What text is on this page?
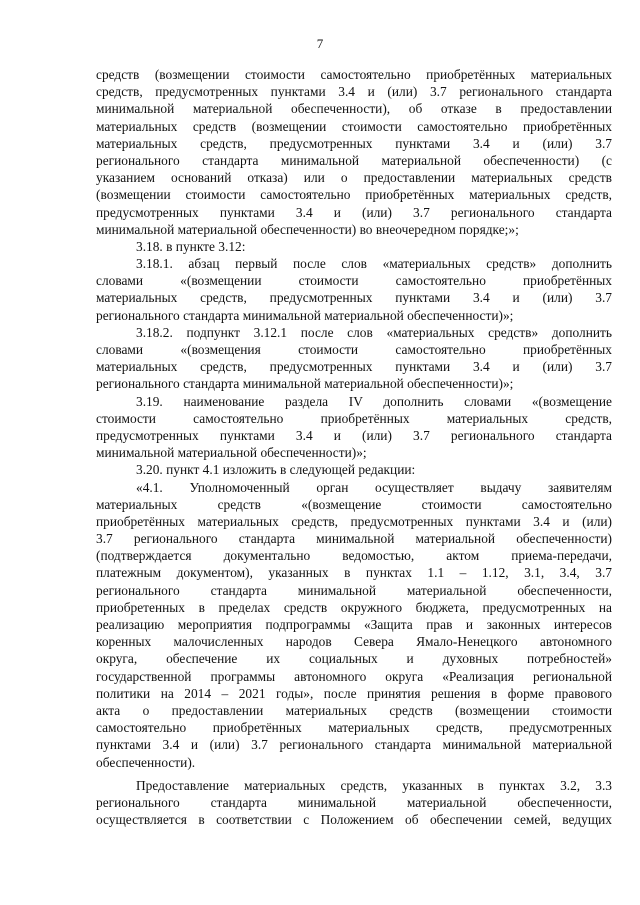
7
средств (возмещении стоимости самостоятельно приобретённых материальных
средств, предусмотренных пунктами 3.4 и (или) 3.7 регионального стандарта
минимальной материальной обеспеченности), об отказе в предоставлении
материальных средств (возмещении стоимости самостоятельно приобретённых
материальных средств, предусмотренных пунктами 3.4 и (или) 3.7
регионального стандарта минимальной материальной обеспеченности) (с
указанием оснований отказа) или о предоставлении материальных средств
(возмещении стоимости самостоятельно приобретённых материальных средств,
предусмотренных пунктами 3.4 и (или) 3.7 регионального стандарта
минимальной материальной обеспеченности) во внеочередном порядке;»;
3.18. в пункте 3.12:
3.18.1. абзац первый после слов «материальных средств» дополнить
словами «(возмещении стоимости самостоятельно приобретённых
материальных средств, предусмотренных пунктами 3.4 и (или) 3.7
регионального стандарта минимальной материальной обеспеченности)»;
3.18.2. подпункт 3.12.1 после слов «материальных средств» дополнить
словами «(возмещения стоимости самостоятельно приобретённых
материальных средств, предусмотренных пунктами 3.4 и (или) 3.7
регионального стандарта минимальной материальной обеспеченности)»;
3.19. наименование раздела IV дополнить словами «(возмещение
стоимости самостоятельно приобретённых материальных средств,
предусмотренных пунктами 3.4 и (или) 3.7 регионального стандарта
минимальной материальной обеспеченности)»;
3.20. пункт 4.1 изложить в следующей редакции:
«4.1. Уполномоченный орган осуществляет выдачу заявителям
материальных средств «(возмещение стоимости самостоятельно
приобретённых материальных средств, предусмотренных пунктами 3.4 и (или)
3.7 регионального стандарта минимальной материальной обеспеченности)
(подтверждается документально ведомостью, актом приема-передачи,
платежным документом), указанных в пунктах 1.1 – 1.12, 3.1, 3.4, 3.7
регионального стандарта минимальной материальной обеспеченности,
приобретенных в пределах средств окружного бюджета, предусмотренных на
реализацию мероприятия подпрограммы «Защита прав и законных интересов
коренных малочисленных народов Севера Ямало-Ненецкого автономного
округа, обеспечение их социальных и духовных потребностей»
государственной программы автономного округа «Реализация региональной
политики на 2014 – 2021 годы», после принятия решения в форме правового
акта о предоставлении материальных средств (возмещении стоимости
самостоятельно приобретённых материальных средств, предусмотренных
пунктами 3.4 и (или) 3.7 регионального стандарта минимальной материальной
обеспеченности).
Предоставление материальных средств, указанных в пунктах 3.2, 3.3
регионального стандарта минимальной материальной обеспеченности,
осуществляется в соответствии с Положением об обеспечении семей, ведущих
